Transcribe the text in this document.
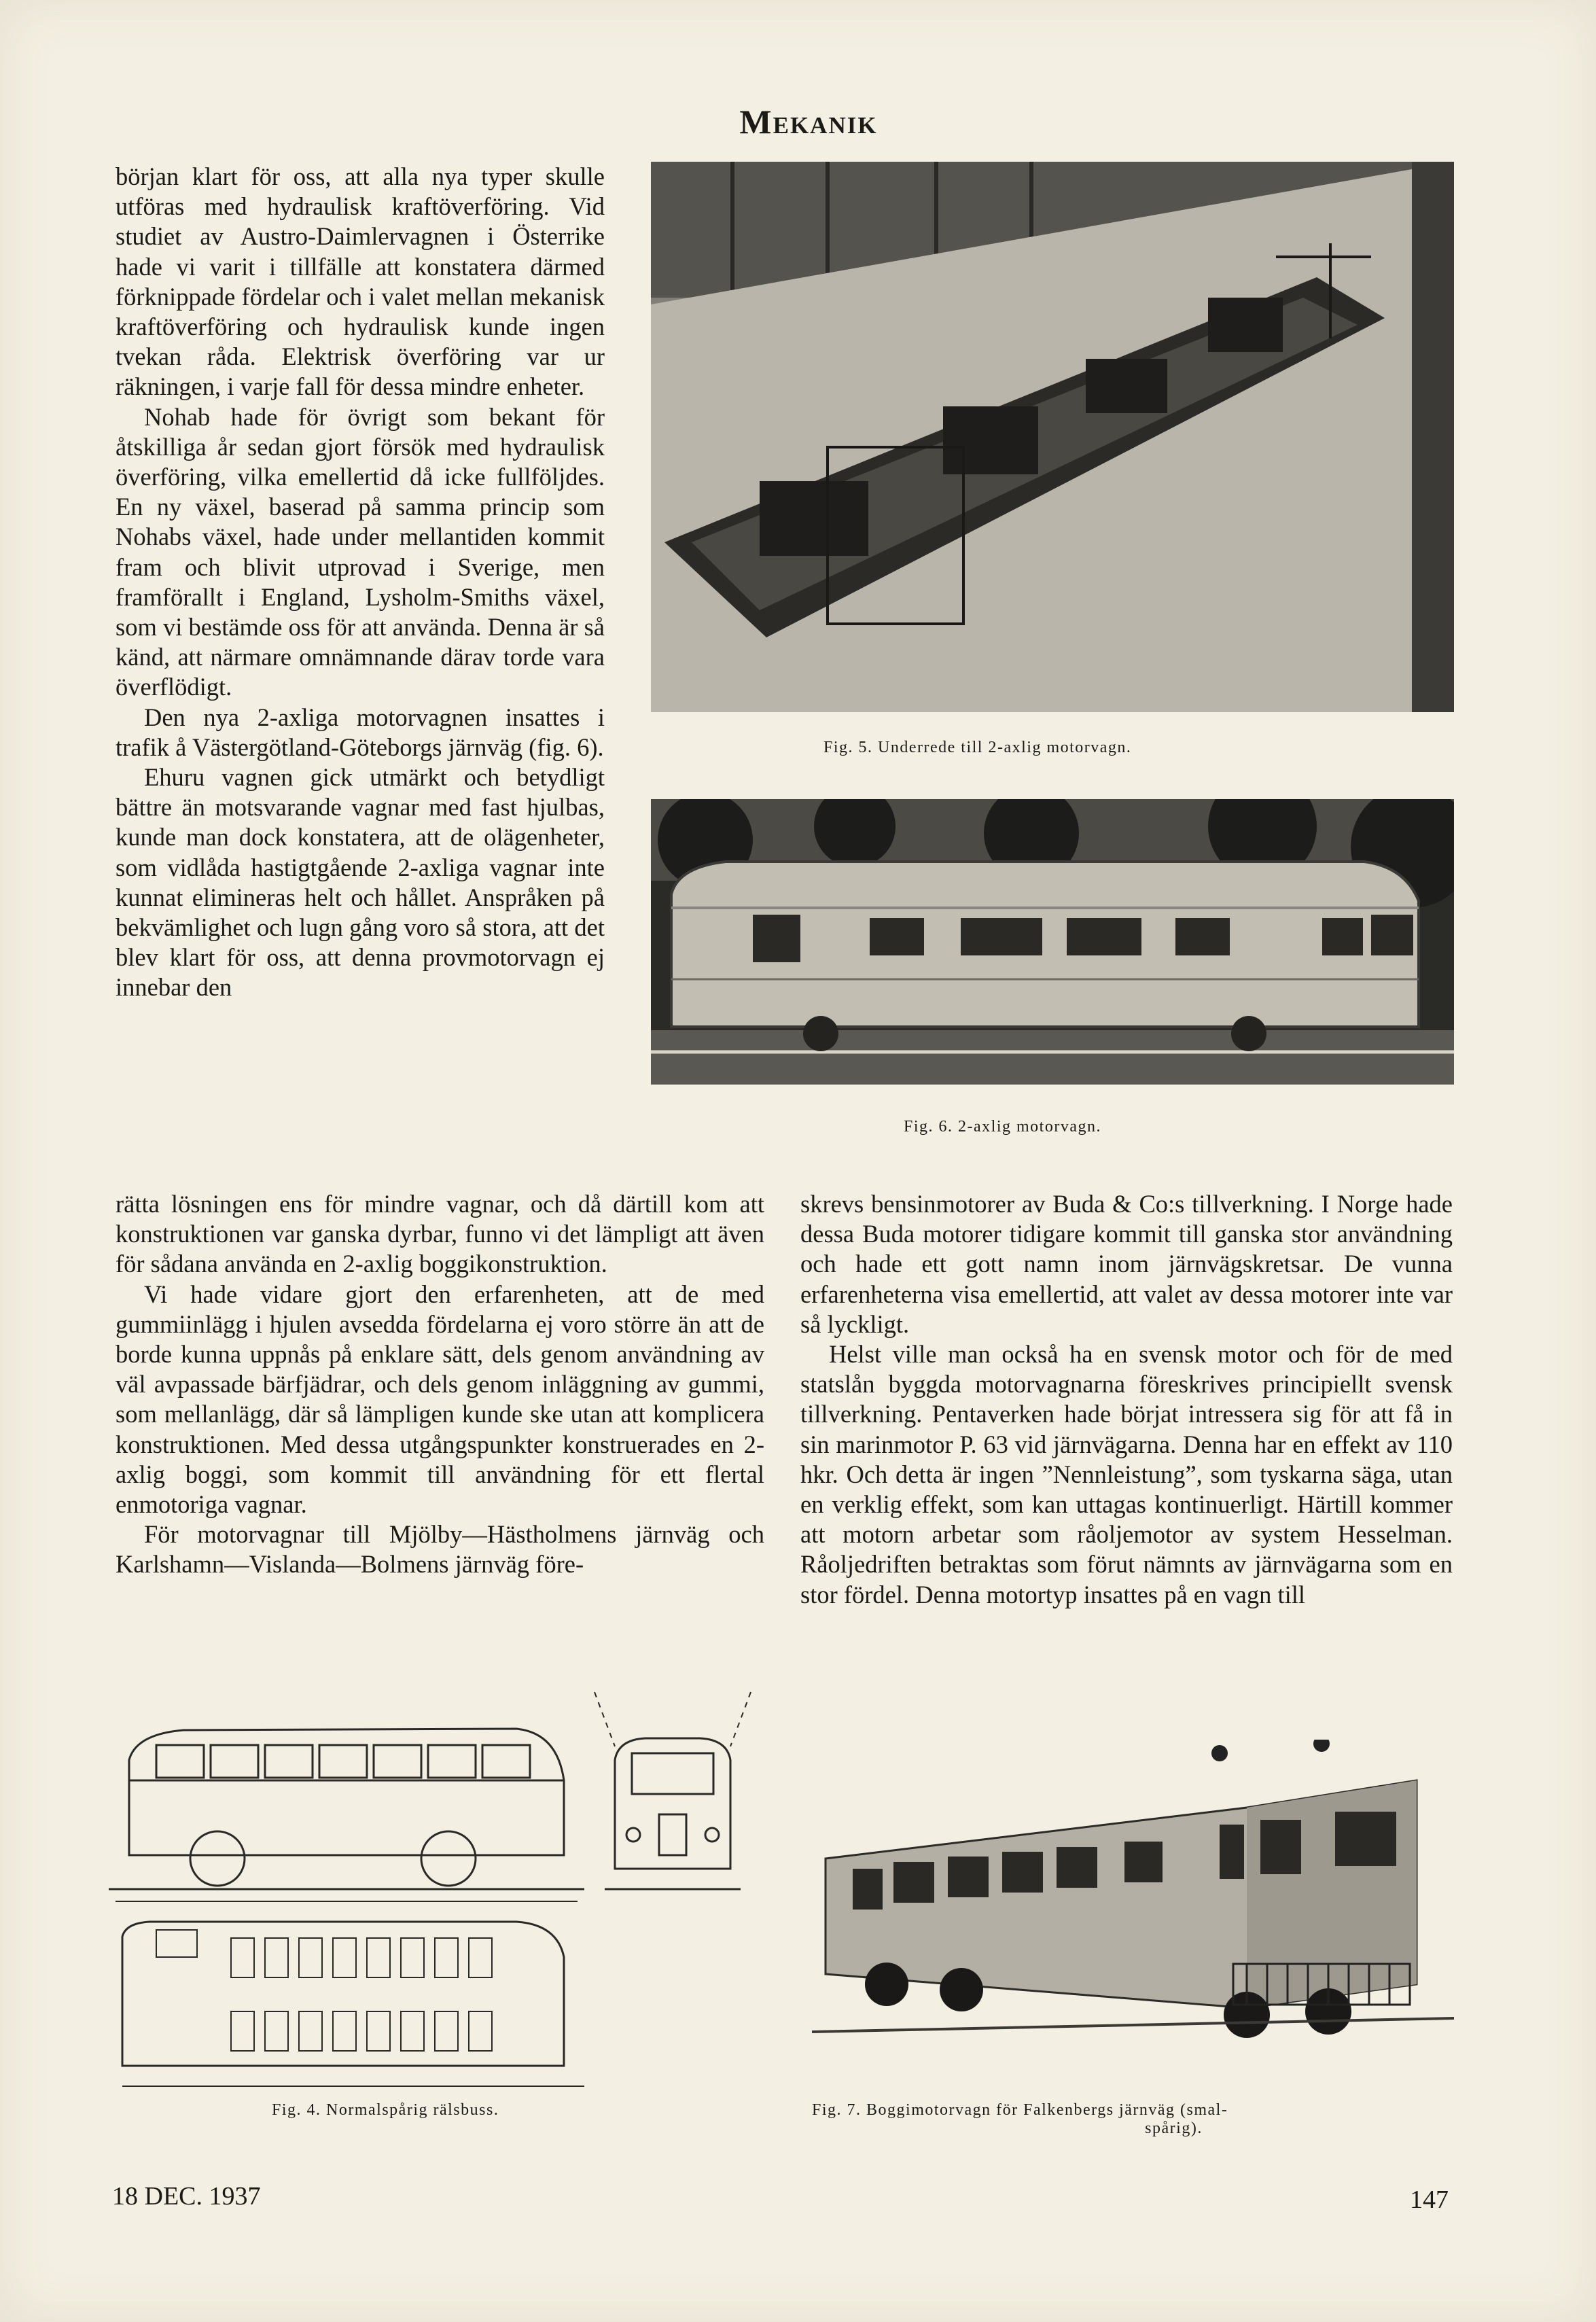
Mekanik

början klart för oss, att alla nya typer skulle utföras med hydraulisk kraftöverföring. Vid studiet av Austro-Daimlervagnen i Österrike hade vi varit i tillfälle att konstatera därmed förknippade fördelar och i valet mellan mekanisk kraftöverföring och hydraulisk kunde ingen tvekan råda. Elektrisk överföring var ur räkningen, i varje fall för dessa mindre enheter.

Nohab hade för övrigt som bekant för åtskilliga år sedan gjort försök med hydraulisk överföring, vilka emellertid då icke fullföljdes. En ny växel, baserad på samma princip som Nohabs växel, hade under mellantiden kommit fram och blivit utprovad i Sverige, men framförallt i England, Lysholm-Smiths växel, som vi bestämde oss för att använda. Denna är så känd, att närmare omnämnande därav torde vara överflödigt.

Den nya 2-axliga motorvagnen insattes i trafik å Västergötland-Göteborgs järnväg (fig. 6).

Ehuru vagnen gick utmärkt och betydligt bättre än motsvarande vagnar med fast hjulbas, kunde man dock konstatera, att de olägenheter, som vidlåda hastigtgående 2-axliga vagnar inte kunnat elimineras helt och hållet. Anspråken på bekvämlighet och lugn gång voro så stora, att det blev klart för oss, att denna provmotorvagn ej innebar den

rätta lösningen ens för mindre vagnar, och då därtill kom att konstruktionen var ganska dyrbar, funno vi det lämpligt att även för sådana använda en 2-axlig boggikonstruktion.

Vi hade vidare gjort den erfarenheten, att de med gummiinlägg i hjulen avsedda fördelarna ej voro större än att de borde kunna uppnås på enklare sätt, dels genom användning av väl avpassade bärfjädrar, och dels genom inläggning av gummi, som mellanlägg, där så lämpligen kunde ske utan att komplicera konstruktionen. Med dessa utgångspunkter konstruerades en 2-axlig boggi, som kommit till användning för ett flertal enmotoriga vagnar.

För motorvagnar till Mjölby—Hästholmens järnväg och Karlshamn—Vislanda—Bolmens järnväg före-

skrevs bensinmotorer av Buda & Co:s tillverkning. I Norge hade dessa Buda motorer tidigare kommit till ganska stor användning och hade ett gott namn inom järnvägskretsar. De vunna erfarenheterna visa emellertid, att valet av dessa motorer inte var så lyckligt.

Helst ville man också ha en svensk motor och för de med statslån byggda motorvagnarna föreskrives principiellt svensk tillverkning. Pentaverken hade börjat intressera sig för att få in sin marinmotor P. 63 vid järnvägarna. Denna har en effekt av 110 hkr. Och detta är ingen ”Nennleistung”, som tyskarna säga, utan en verklig effekt, som kan uttagas kontinuerligt. Härtill kommer att motorn arbetar som råoljemotor av system Hesselman. Råoljedriften betraktas som förut nämnts av järnvägarna som en stor fördel. Denna motortyp insattes på en vagn till

Fig. 5. Underrede till 2-axlig motorvagn.
Fig. 6. 2-axlig motorvagn.
Fig. 4. Normalspårig rälsbuss.	Fig. 7. Boggimotorvagn för Falkenbergs järnväg (smal-
spårig).
18 DEC. 1937	147
